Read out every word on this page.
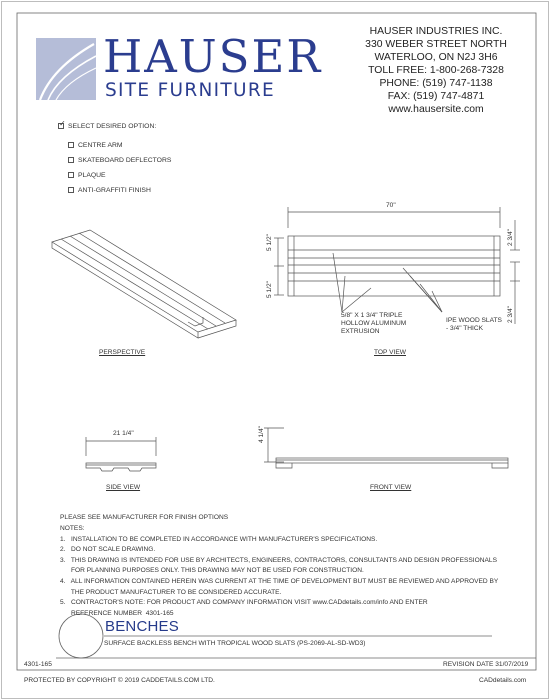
HAUSER
SITE FURNITURE
HAUSER INDUSTRIES INC.
330 WEBER STREET NORTH
WATERLOO, ON N2J 3H6
TOLL FREE: 1-800-268-7328
PHONE: (519) 747-1138
FAX: (519) 747-4871
www.hausersite.com
✓ SELECT DESIRED OPTION:
CENTRE ARM
SKATEBOARD DEFLECTORS
PLAQUE
ANTI-GRAFFITI FINISH
PERSPECTIVE
70"
5 1/2"
5 1/2"
2 3/4"
2 3/4"
5/8" X 1 3/4" TRIPLE
HOLLOW ALUMINUM
EXTRUSION
IPE WOOD SLATS
- 3/4" THICK
TOP VIEW
21 1/4"
SIDE VIEW
4 1/4"
FRONT VIEW
PLEASE SEE MANUFACTURER FOR FINISH OPTIONS
NOTES:
1.   INSTALLATION TO BE COMPLETED IN ACCORDANCE WITH MANUFACTURER'S SPECIFICATIONS.
2.   DO NOT SCALE DRAWING.
3.   THIS DRAWING IS INTENDED FOR USE BY ARCHITECTS, ENGINEERS, CONTRACTORS, CONSULTANTS AND DESIGN PROFESSIONALS
FOR PLANNING PURPOSES ONLY. THIS DRAWING MAY NOT BE USED FOR CONSTRUCTION.
4.   ALL INFORMATION CONTAINED HEREIN WAS CURRENT AT THE TIME OF DEVELOPMENT BUT MUST BE REVIEWED AND APPROVED BY
THE PRODUCT MANUFACTURER TO BE CONSIDERED ACCURATE.
5.   CONTRACTOR'S NOTE: FOR PRODUCT AND COMPANY INFORMATION VISIT www.CADdetails.com/info AND ENTER
REFERENCE NUMBER  4301-165
BENCHES
SURFACE BACKLESS BENCH WITH TROPICAL WOOD SLATS (PS-2069-AL-SD-WD3)
4301-165	REVISION DATE 31/07/2019
PROTECTED BY COPYRIGHT © 2019 CADDETAILS.COM LTD.	CADdetails.com
